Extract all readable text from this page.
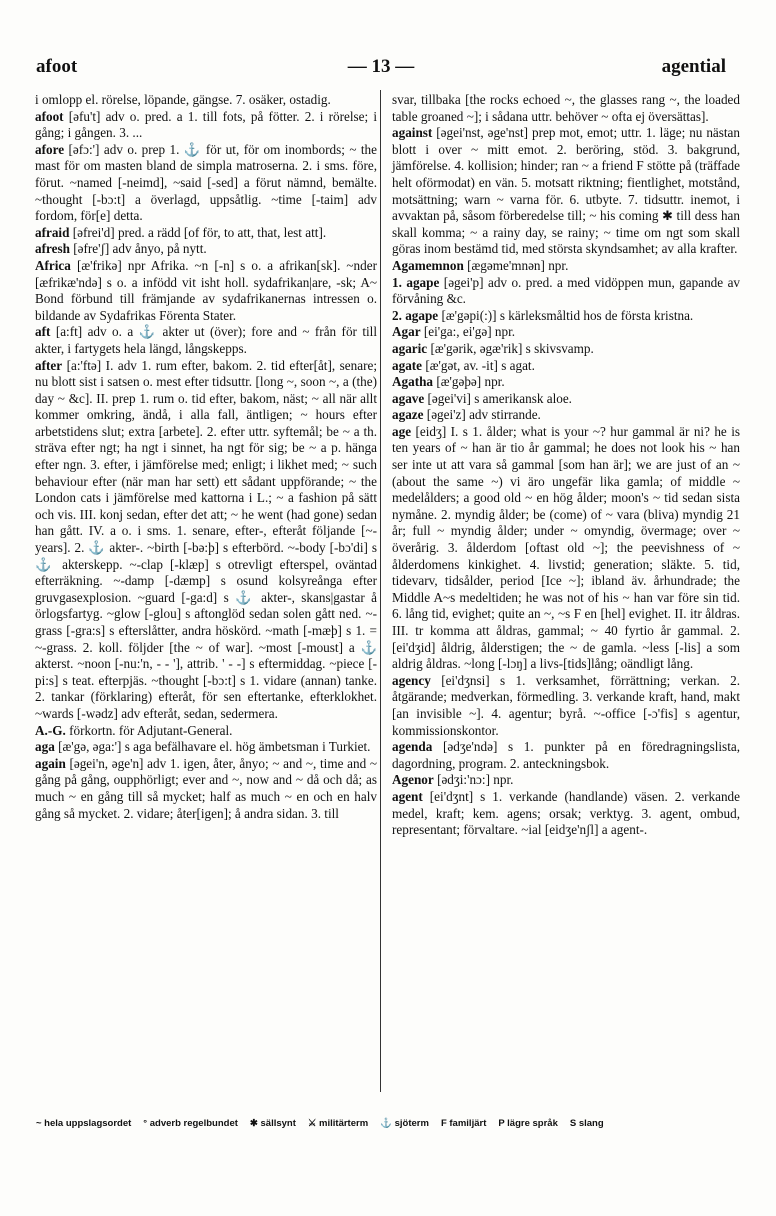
afoot	— 13 —	agential

i omlopp el. rörelse, löpande, gängse. 7. osäker, ostadig.

afoot [əfu't] adv o. pred. a 1. till fots, på fötter. 2. i rörelse; i gång; i gången. 3. ...

afore [əfɔ:'] adv o. prep 1. ⚓ för ut, för om inombords; ~ the mast för om masten bland de simpla matroserna. 2. i sms. före, förut. ~named [-neimd], ~said [-sed] a förut nämnd, bemälte. ~thought [-bɔ:t] a överlagd, uppsåtlig. ~time [-taim] adv fordom, för[e] detta.

afraid [əfrei'd] pred. a rädd [of för, to att, that, lest att].

afresh [əfre'ʃ] adv ånyo, på nytt.

Africa [æ'frikə] npr Afrika. ~n [-n] s o. a afrikan[sk]. ~nder [æfrikæ'ndə] s o. a infödd vit isht holl. sydafrikan|are, -sk; A~ Bond förbund till främjande av sydafrikanernas intressen o. bildande av Sydafrikas Förenta Stater.

aft [a:ft] adv o. a ⚓ akter ut (över); fore and ~ från för till akter, i fartygets hela längd, långskepps.

after [a:'ftə] I. adv 1. rum efter, bakom. 2. tid efter[åt], senare; nu blott sist i satsen o. mest efter tidsuttr. [long ~, soon ~, a (the) day ~ &c]. II. prep 1. rum o. tid efter, bakom, näst; ~ all när allt kommer omkring, ändå, i alla fall, äntligen; ~ hours efter arbetstidens slut; extra [arbete]. 2. efter uttr. syftemål; be ~ a th. sträva efter ngt; ha ngt i sinnet, ha ngt för sig; be ~ a p. hänga efter ngn. 3. efter, i jämförelse med; enligt; i likhet med; ~ such behaviour efter (när man har sett) ett sådant uppförande; ~ the London cats i jämförelse med kattorna i L.; ~ a fashion på sätt och vis. III. konj sedan, efter det att; ~ he went (had gone) sedan han gått. IV. a o. i sms. 1. senare, efter-, efteråt följande [~-years]. 2. ⚓ akter-. ~birth [-bə:þ] s efterbörd. ~-body [-bɔ'di] s ⚓ akterskepp. ~-clap [-klæp] s otrevligt efterspel, oväntad efterräkning. ~-damp [-dæmp] s osund kolsyreånga efter gruvgasexplosion. ~guard [-ga:d] s ⚓ akter-, skans|gastar å örlogsfartyg. ~glow [-glou] s aftonglöd sedan solen gått ned. ~-grass [-gra:s] s efterslåtter, andra höskörd. ~math [-mæþ] s 1. = ~-grass. 2. koll. följder [the ~ of war]. ~most [-moust] a ⚓ akterst. ~noon [-nu:'n, - - '], attrib. ' - -] s eftermiddag. ~piece [-pi:s] s teat. efterpjäs. ~thought [-bɔ:t] s 1. vidare (annan) tanke. 2. tankar (förklaring) efteråt, för sen eftertanke, efterklokhet. ~wards [-wədz] adv efteråt, sedan, sedermera.

A.-G. förkortn. för Adjutant-General.

aga [æ'gə, əga:'] s aga befälhavare el. hög ämbetsman i Turkiet.

again [əgei'n, əge'n] adv 1. igen, åter, ånyo; ~ and ~, time and ~ gång på gång, oupphörligt; ever and ~, now and ~ då och då; as much ~ en gång till så mycket; half as much ~ en och en halv gång så mycket. 2. vidare; åter[igen]; å andra sidan. 3. till

svar, tillbaka [the rocks echoed ~, the glasses rang ~, the loaded table groaned ~]; i sådana uttr. behöver ~ ofta ej översättas].

against [əgei'nst, əge'nst] prep mot, emot; uttr. 1. läge; nu nästan blott i over ~ mitt emot. 2. beröring, stöd. 3. bakgrund, jämförelse. 4. kollision; hinder; ran ~ a friend F stötte på (träffade helt oförmodat) en vän. 5. motsatt riktning; fientlighet, motstånd, motsättning; warn ~ varna för. 6. utbyte. 7. tidsuttr. inemot, i avvaktan på, såsom förberedelse till; ~ his coming ✱ till dess han skall komma; ~ a rainy day, se rainy; ~ time om ngt som skall göras inom bestämd tid, med största skyndsamhet; av alla krafter.

Agamemnon [ægəme'mnən] npr.

1. agape [əgei'p] adv o. pred. a med vidöppen mun, gapande av förvåning &c.

2. agape [æ'gəpi(:)] s kärleksmåltid hos de första kristna.

Agar [ei'ga:, ei'gə] npr.

agaric [æ'gərik, əgæ'rik] s skivsvamp.

agate [æ'gət, av. -it] s agat.

Agatha [æ'gəþə] npr.

agave [əgei'vi] s amerikansk aloe.

agaze [əgei'z] adv stirrande.

age [eidʒ] I. s 1. ålder; what is your ~? hur gammal är ni? he is ten years of ~ han är tio år gammal; he does not look his ~ han ser inte ut att vara så gammal [som han är]; we are just of an ~ (about the same ~) vi äro ungefär lika gamla; of middle ~ medelålders; a good old ~ en hög ålder; moon's ~ tid sedan sista nymåne. 2. myndig ålder; be (come) of ~ vara (bliva) myndig 21 år; full ~ myndig ålder; under ~ omyndig, övermage; over ~ överårig. 3. ålderdom [oftast old ~]; the peevishness of ~ ålderdomens kinkighet. 4. livstid; generation; släkte. 5. tid, tidevarv, tidsålder, period [Ice ~]; ibland äv. århundrade; the Middle A~s medeltiden; he was not of his ~ han var före sin tid. 6. lång tid, evighet; quite an ~, ~s F en [hel] evighet. II. itr åldras. III. tr komma att åldras, gammal; ~ 40 fyrtio år gammal. 2. [ei'dʒid] åldrig, ålderstigen; the ~ de gamla. ~less [-lis] a som aldrig åldras. ~long [-lɔŋ] a livs-[tids]lång; oändligt lång.

agency [ei'dʒnsi] s 1. verksamhet, förrättning; verkan. 2. åtgärande; medverkan, förmedling. 3. verkande kraft, hand, makt [an invisible ~]. 4. agentur; byrå. ~-office [-ɔ'fis] s agentur, kommissionskontor.

agenda [ədʒe'ndə] s 1. punkter på en föredragningslista, dagordning, program. 2. anteckningsbok.

Agenor [ədʒi:'nɔ:] npr.

agent [ei'dʒnt] s 1. verkande (handlande) väsen. 2. verkande medel, kraft; kem. agens; orsak; verktyg. 3. agent, ombud, representant; förvaltare. ~ial [eidʒe'nʃl] a agent-.

~ hela uppslagsordet ° adverb regelbundet ✱ sällsynt ⚔ militärterm ⚓ sjöterm F familjärt P lägre språk S slang
